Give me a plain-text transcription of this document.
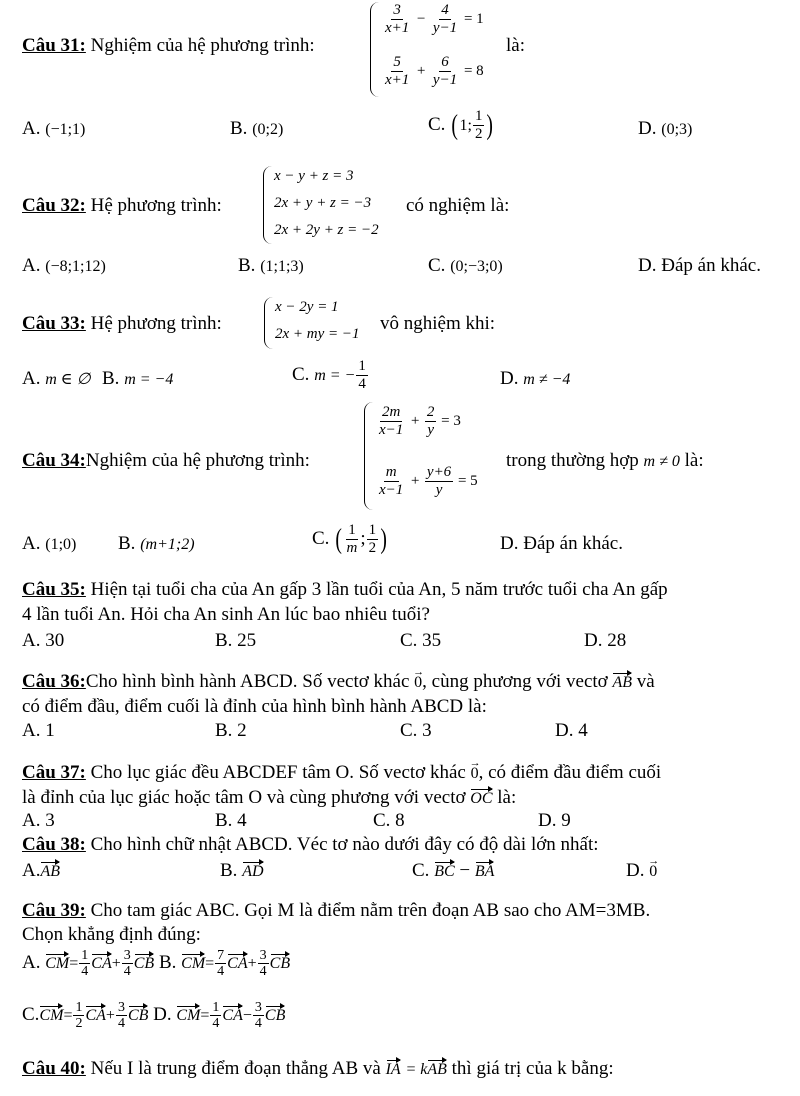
Câu 31: Nghiệm của hệ phương trình:
$\frac{3}{x+1} - \frac{4}{y-1} = 1$
$\frac{5}{x+1} + \frac{6}{y-1} = 8$
là:
A. (−1;1)	B. (0;2)	C. (1; $\frac{1}{2}$ )	D. (0;3)
Câu 32: Hệ phương trình:
x − y + z = 3
2x + y + z = −3
2x + 2y + z = −2
có nghiệm là:
A. (−8;1;12)	B. (1;1;3)	C. (0;−3;0)	D. Đáp án khác.
Câu 33: Hệ phương trình:
x − 2y = 1
2x + my = −1 vô nghiệm khi:
A. m ∈ ∅ B. m = −4	C. m = − $\frac{1}{4}$	D. m ≠ −4
Câu 34:Nghiệm của hệ phương trình:
$\frac{2m}{x-1} + \frac{2}{y} = 3$
$\frac{m}{x-1} + \frac{y+6}{y} = 5$
trong thường hợp m ≠ 0 là:
A. (1;0) B. (m+1;2)	C. ( $\frac{1}{m}$ ; $\frac{1}{2}$ )	D. Đáp án khác.
Câu 35: Hiện tại tuổi cha của An gấp 3 lần tuổi của An, 5 năm trước tuổi cha An gấp
4 lần tuổi An. Hỏi cha An sinh An lúc bao nhiêu tuổi?
A. 30	B. 25	C. 35	D. 28
Câu 36:Cho hình bình hành ABCD. Số vectơ khác 0 →, cùng phương với vectơ AB và
có điểm đầu, điểm cuối là đỉnh của hình bình hành ABCD là:
A. 1	B. 2	C. 3	D. 4
Câu 37: Cho lục giác đều ABCDEF tâm O. Số vectơ khác 0 →, có điểm đầu điểm cuối
là đỉnh của lục giác hoặc tâm O và cùng phương với vectơ OC là:
A. 3	B. 4	C. 8	D. 9
Câu 38: Cho hình chữ nhật ABCD. Véc tơ nào dưới đây có độ dài lớn nhất:
A.AB	B. AD	C. BC − BA	D. 0 →
Câu 39: Cho tam giác ABC. Gọi M là điểm nằm trên đoạn AB sao cho AM=3MB.
Chọn khẳng định đúng:
A. $CM= \frac{1}{4} CA+ \frac{3}{4}$ CB B. $CM= \frac{7}{4} CA+ \frac{3}{4}$ CB
$C.CM= \frac{1}{2} CA+ \frac{3}{4}$ CB D. $CM= \frac{1}{4} CA- \frac{3}{4}$ CB
Câu 40: Nếu I là trung điểm đoạn thẳng AB và IA = kAB thì giá trị của k bằng:
